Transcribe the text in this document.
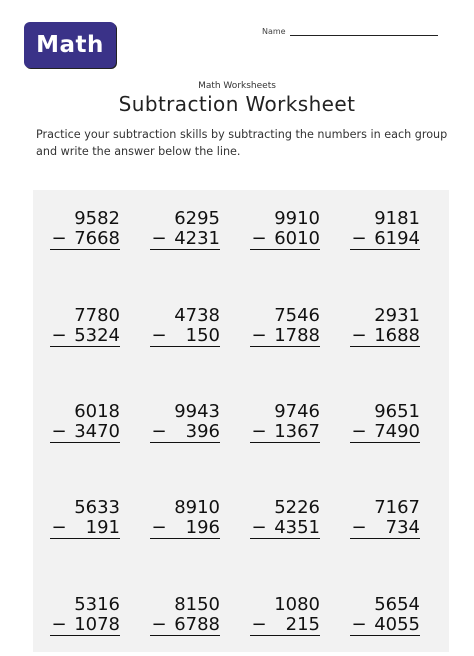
Math
Name
Math Worksheets
Subtraction Worksheet
Practice your subtraction skills by subtracting the numbers in each group and write the answer below the line.
9582
− 7668
6295
− 4231
9910
− 6010
9181
− 6194
7780
− 5324
4738
− 150
7546
− 1788
2931
− 1688
6018
− 3470
9943
− 396
9746
− 1367
9651
− 7490
5633
− 191
8910
− 196
5226
− 4351
7167
− 734
5316
− 1078
8150
− 6788
1080
− 215
5654
− 4055
